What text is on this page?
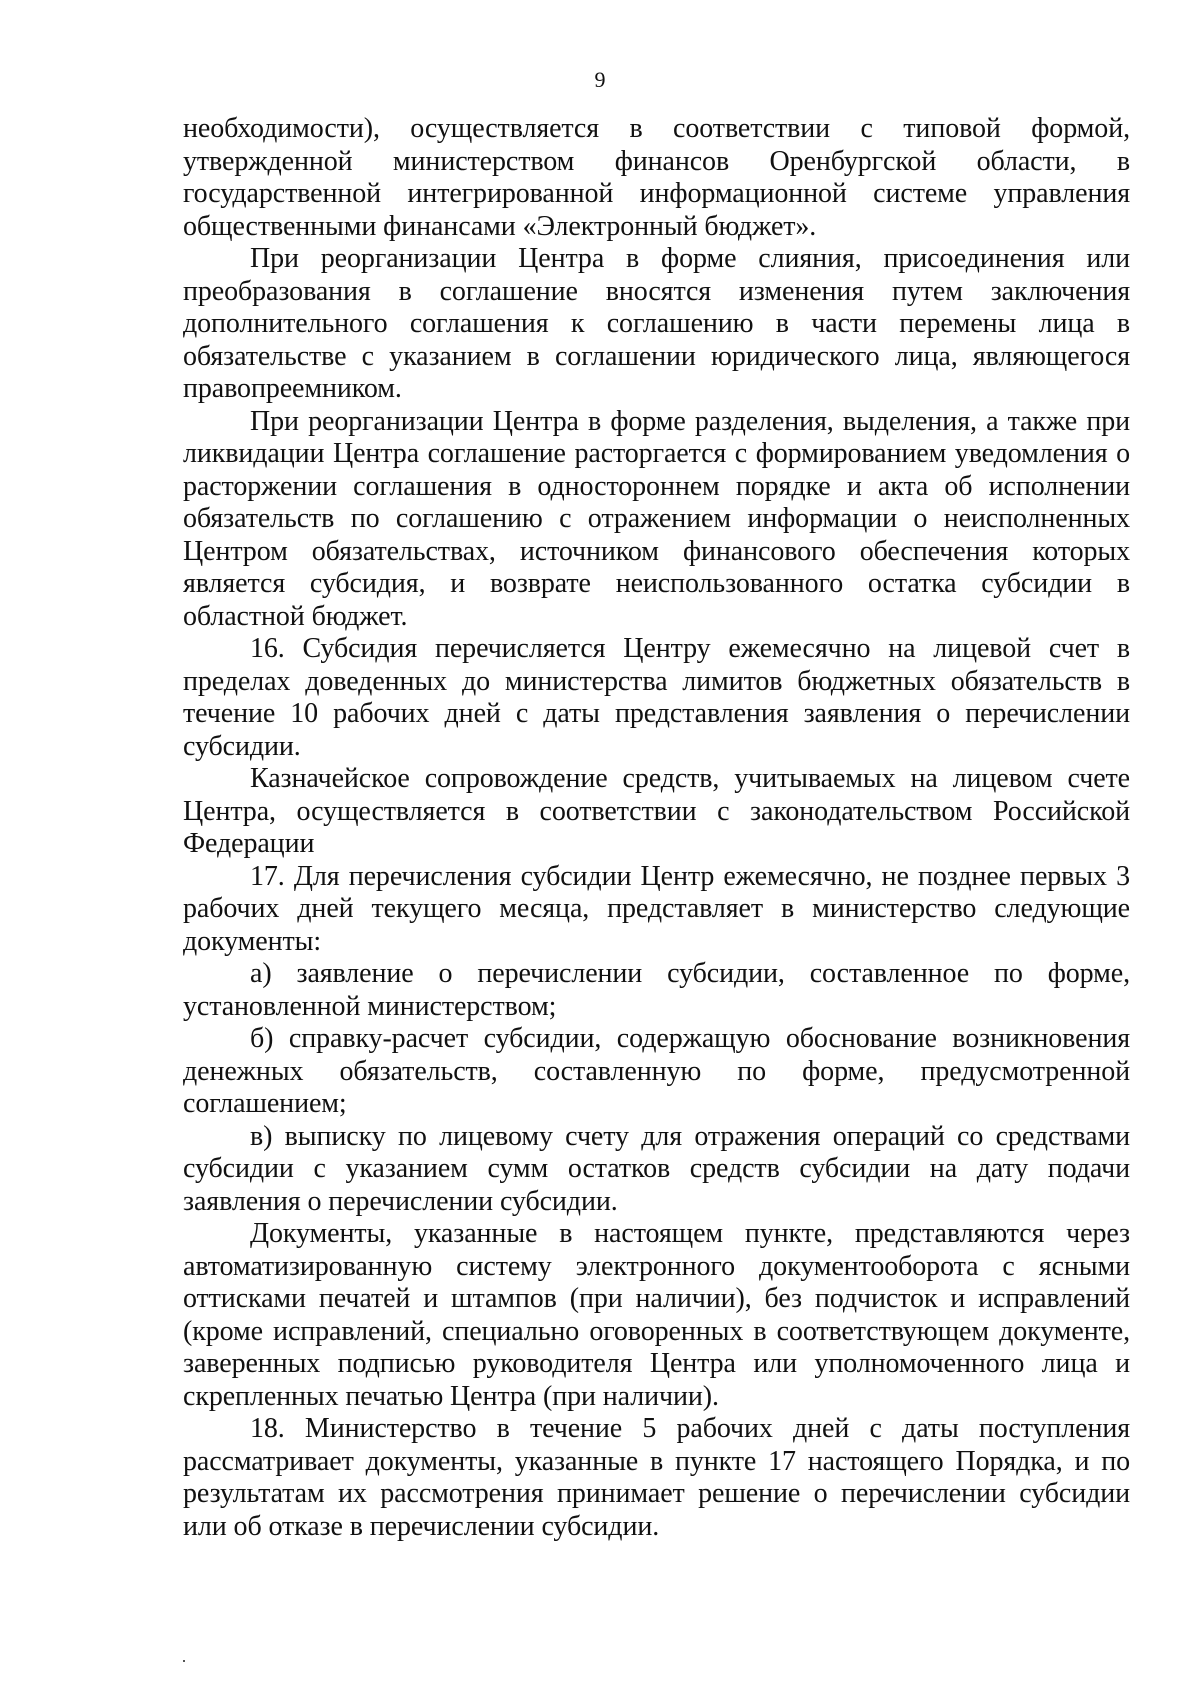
9

необходимости), осуществляется в соответствии с типовой формой, утвержденной министерством финансов Оренбургской области, в государственной интегрированной информационной системе управления общественными финансами «Электронный бюджет».

При реорганизации Центра в форме слияния, присоединения или преобразования в соглашение вносятся изменения путем заключения дополнительного соглашения к соглашению в части перемены лица в обязательстве с указанием в соглашении юридического лица, являющегося правопреемником.

При реорганизации Центра в форме разделения, выделения, а также при ликвидации Центра соглашение расторгается с формированием уведомления о расторжении соглашения в одностороннем порядке и акта об исполнении обязательств по соглашению с отражением информации о неисполненных Центром обязательствах, источником финансового обеспечения которых является субсидия, и возврате неиспользованного остатка субсидии в областной бюджет.

16. Субсидия перечисляется Центру ежемесячно на лицевой счет в пределах доведенных до министерства лимитов бюджетных обязательств в течение 10 рабочих дней с даты представления заявления о перечислении субсидии.

Казначейское сопровождение средств, учитываемых на лицевом счете Центра, осуществляется в соответствии с законодательством Российской Федерации

17. Для перечисления субсидии Центр ежемесячно, не позднее первых 3 рабочих дней текущего месяца, представляет в министерство следующие документы:

а) заявление о перечислении субсидии, составленное по форме, установленной министерством;

б) справку-расчет субсидии, содержащую обоснование возникновения денежных обязательств, составленную по форме, предусмотренной соглашением;

в) выписку по лицевому счету для отражения операций со средствами субсидии с указанием сумм остатков средств субсидии на дату подачи заявления о перечислении субсидии.

Документы, указанные в настоящем пункте, представляются через автоматизированную систему электронного документооборота с ясными оттисками печатей и штампов (при наличии), без подчисток и исправлений (кроме исправлений, специально оговоренных в соответствующем документе, заверенных подписью руководителя Центра или уполномоченного лица и скрепленных печатью Центра (при наличии).

18. Министерство в течение 5 рабочих дней с даты поступления рассматривает документы, указанные в пункте 17 настоящего Порядка, и по результатам их рассмотрения принимает решение о перечислении субсидии или об отказе в перечислении субсидии.
